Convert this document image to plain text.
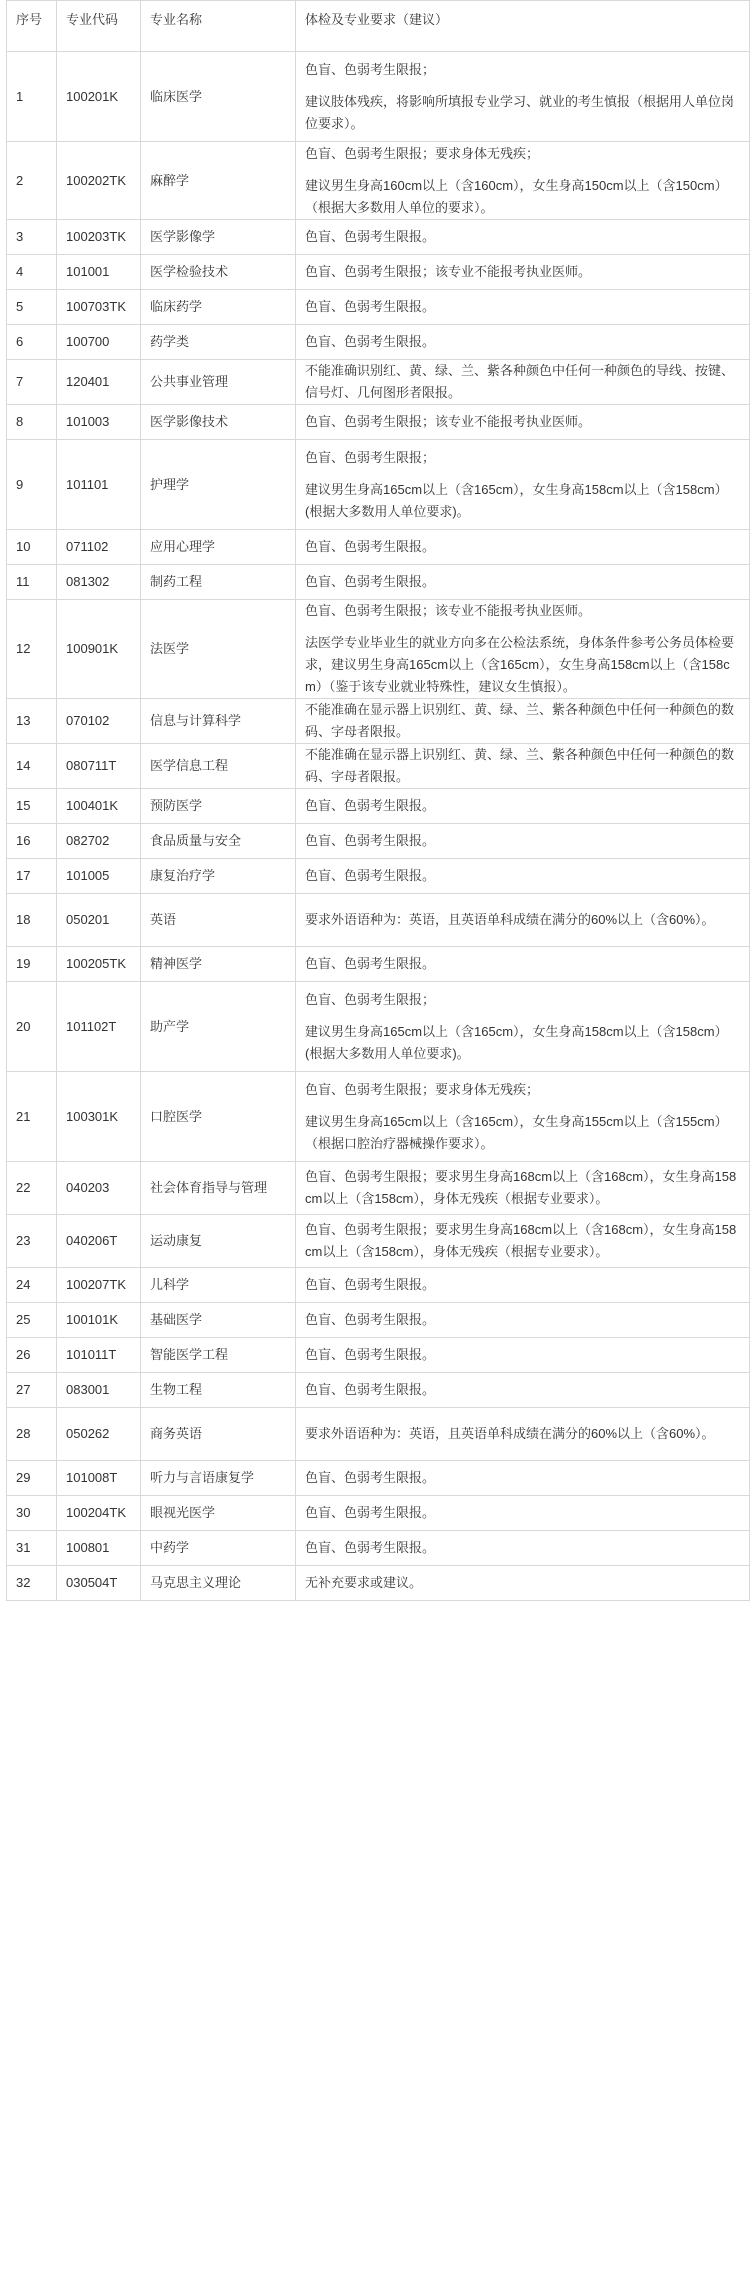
序号	专业代码	专业名称	体检及专业要求（建议）
1	100201K	临床医学	色盲、色弱考生限报；

建议肢体残疾，将影响所填报专业学习、就业的考生慎报（根据用人单位岗位要求）。

2	100202TK	麻醉学	色盲、色弱考生限报；要求身体无残疾；

建议男生身高160cm以上（含160cm），女生身高150cm以上（含150cm）（根据大多数用人单位的要求）。

3	100203TK	医学影像学	色盲、色弱考生限报。

4	101001	医学检验技术	色盲、色弱考生限报；该专业不能报考执业医师。

5	100703TK	临床药学	色盲、色弱考生限报。

6	100700	药学类	色盲、色弱考生限报。

7	120401	公共事业管理	不能准确识别红、黄、绿、兰、紫各种颜色中任何一种颜色的导线、按键、信号灯、几何图形者限报。

8	101003	医学影像技术	色盲、色弱考生限报；该专业不能报考执业医师。

9	101101	护理学	色盲、色弱考生限报；

建议男生身高165cm以上（含165cm），女生身高158cm以上（含158cm）(根据大多数用人单位要求)。

10	071102	应用心理学	色盲、色弱考生限报。

11	081302	制药工程	色盲、色弱考生限报。

12	100901K	法医学	色盲、色弱考生限报；该专业不能报考执业医师。

法医学专业毕业生的就业方向多在公检法系统，身体条件参考公务员体检要求，建议男生身高165cm以上（含165cm），女生身高158cm以上（含158cm）（鉴于该专业就业特殊性，建议女生慎报）。

13	070102	信息与计算科学	不能准确在显示器上识别红、黄、绿、兰、紫各种颜色中任何一种颜色的数码、字母者限报。

14	080711T	医学信息工程	不能准确在显示器上识别红、黄、绿、兰、紫各种颜色中任何一种颜色的数码、字母者限报。

15	100401K	预防医学	色盲、色弱考生限报。

16	082702	食品质量与安全	色盲、色弱考生限报。

17	101005	康复治疗学	色盲、色弱考生限报。

18	050201	英语	要求外语语种为：英语，且英语单科成绩在满分的60%以上（含60%）。

19	100205TK	精神医学	色盲、色弱考生限报。

20	101102T	助产学	色盲、色弱考生限报；

建议男生身高165cm以上（含165cm），女生身高158cm以上（含158cm）(根据大多数用人单位要求)。

21	100301K	口腔医学	色盲、色弱考生限报；要求身体无残疾；

建议男生身高165cm以上（含165cm），女生身高155cm以上（含155cm）（根据口腔治疗器械操作要求）。

22	040203	社会体育指导与管理	色盲、色弱考生限报；要求男生身高168cm以上（含168cm），女生身高158cm以上（含158cm），身体无残疾（根据专业要求）。

23	040206T	运动康复	色盲、色弱考生限报；要求男生身高168cm以上（含168cm），女生身高158cm以上（含158cm），身体无残疾（根据专业要求）。

24	100207TK	儿科学	色盲、色弱考生限报。

25	100101K	基础医学	色盲、色弱考生限报。

26	101011T	智能医学工程	色盲、色弱考生限报。

27	083001	生物工程	色盲、色弱考生限报。

28	050262	商务英语	要求外语语种为：英语，且英语单科成绩在满分的60%以上（含60%）。

29	101008T	听力与言语康复学	色盲、色弱考生限报。

30	100204TK	眼视光医学	色盲、色弱考生限报。

31	100801	中药学	色盲、色弱考生限报。

32	030504T	马克思主义理论	无补充要求或建议。
